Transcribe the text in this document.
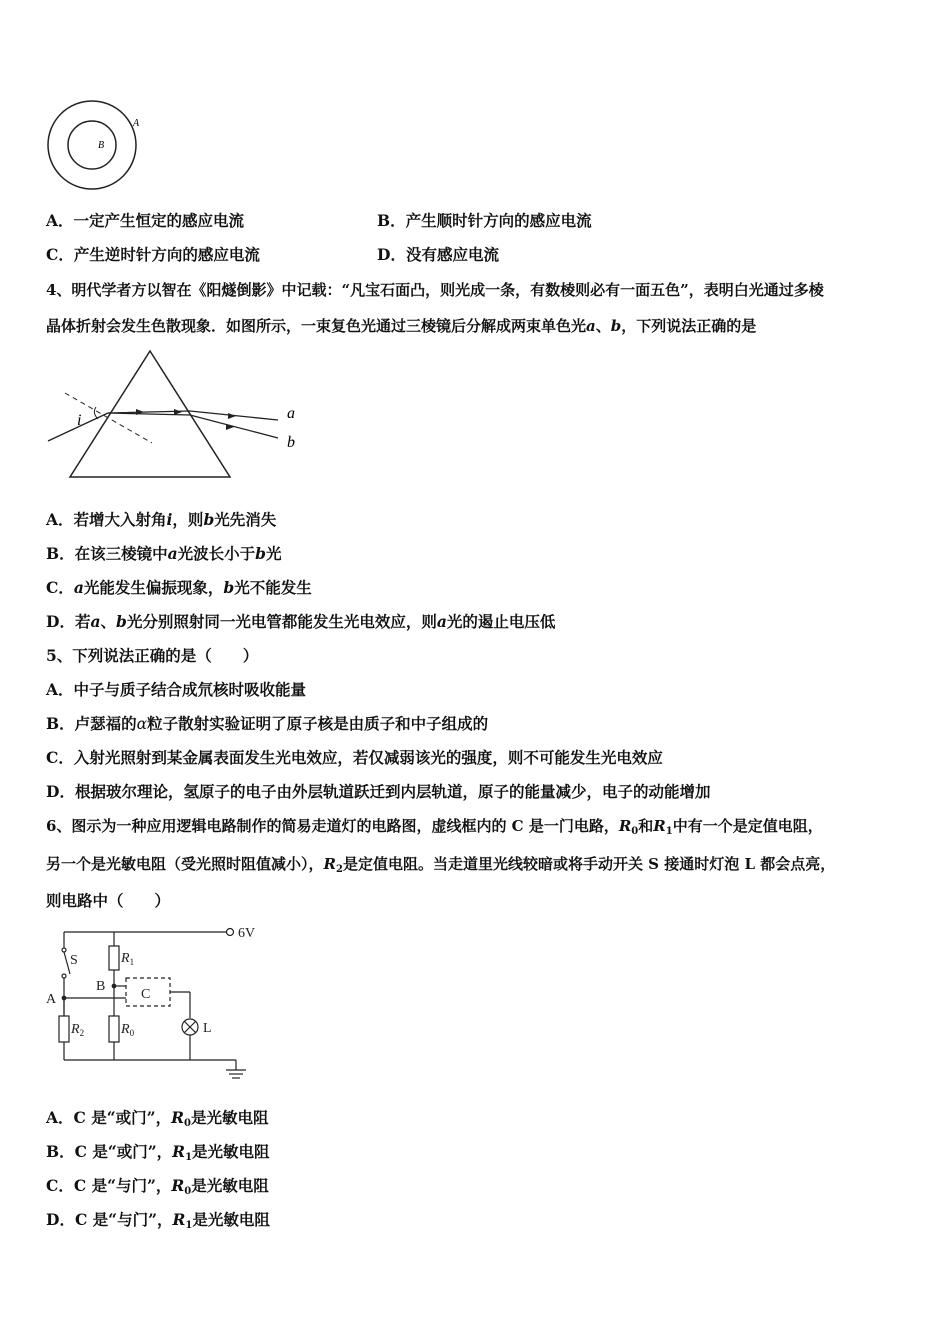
A
B
A．一定产生恒定的感应电流	B．产生顺时针方向的感应电流
C．产生逆时针方向的感应电流	D．没有感应电流
4、明代学者方以智在《阳燧倒影》中记载：“凡宝石面凸，则光成一条，有数棱则必有一面五色”，表明白光通过多棱
晶体折射会发生色散现象．如图所示，一束复色光通过三棱镜后分解成两束单色光a、b，下列说法正确的是
i	a
b
A．若增大入射角i，则b光先消失
B．在该三棱镜中a光波长小于b光
C．a光能发生偏振现象，b光不能发生
D．若a、b光分别照射同一光电管都能发生光电效应，则a光的遏止电压低
5、下列说法正确的是（　　）
A．中子与质子结合成氘核时吸收能量
B．卢瑟福的α粒子散射实验证明了原子核是由质子和中子组成的
C．入射光照射到某金属表面发生光电效应，若仅减弱该光的强度，则不可能发生光电效应
D．根据玻尔理论，氢原子的电子由外层轨道跃迁到内层轨道，原子的能量减少，电子的动能增加
6、图示为一种应用逻辑电路制作的简易走道灯的电路图，虚线框内的 C 是一门电路，$R_0$和$R_1$中有一个是定值电阻，
另一个是光敏电阻（受光照时阻值减小），$R_2$是定值电阻。当走道里光线较暗或将手动开关 S 接通时灯泡 L 都会点亮，
则电路中（　　）
6V
S
A
B
C
L
$R_1$
$R_2$	$R_0$
A．C 是“或门”，$R_0$是光敏电阻
B．C 是“或门”，$R_1$是光敏电阻
C．C 是“与门”，$R_0$是光敏电阻
D．C 是“与门”，$R_1$是光敏电阻
